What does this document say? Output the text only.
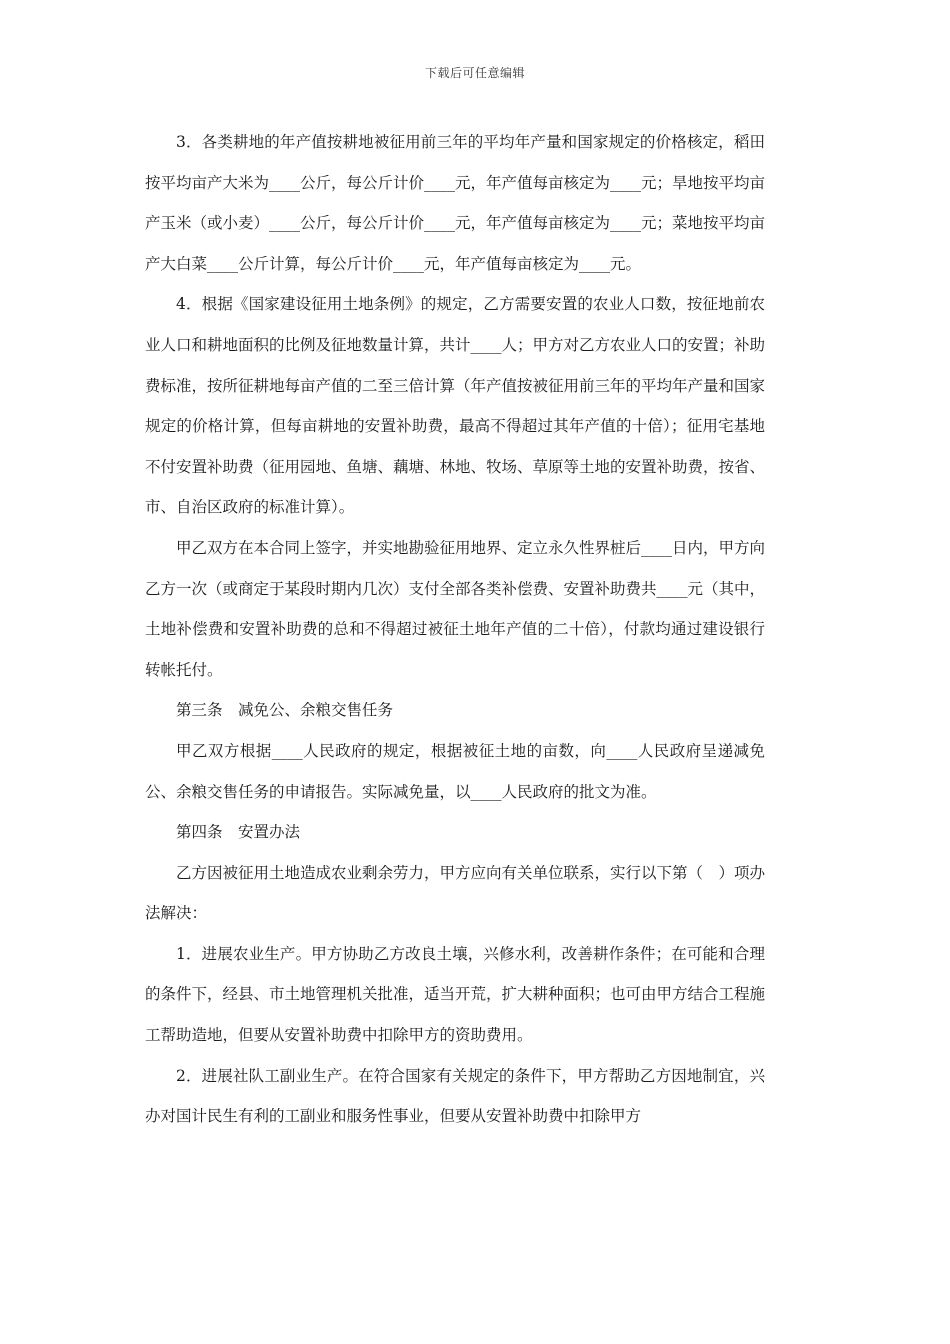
下载后可任意编辑

3．各类耕地的年产值按耕地被征用前三年的平均年产量和国家规定的价格核定，稻田按平均亩产大米为____公斤，每公斤计价____元，年产值每亩核定为____元；旱地按平均亩产玉米（或小麦）____公斤，每公斤计价____元，年产值每亩核定为____元；菜地按平均亩产大白菜____公斤计算，每公斤计价____元，年产值每亩核定为____元。

4．根据《国家建设征用土地条例》的规定，乙方需要安置的农业人口数，按征地前农业人口和耕地面积的比例及征地数量计算，共计____人；甲方对乙方农业人口的安置；补助费标准，按所征耕地每亩产值的二至三倍计算（年产值按被征用前三年的平均年产量和国家规定的价格计算，但每亩耕地的安置补助费，最高不得超过其年产值的十倍）；征用宅基地不付安置补助费（征用园地、鱼塘、藕塘、林地、牧场、草原等土地的安置补助费，按省、市、自治区政府的标准计算）。

甲乙双方在本合同上签字，并实地勘验征用地界、定立永久性界桩后____日内，甲方向乙方一次（或商定于某段时期内几次）支付全部各类补偿费、安置补助费共____元（其中，土地补偿费和安置补助费的总和不得超过被征土地年产值的二十倍），付款均通过建设银行转帐托付。

第三条　减免公、余粮交售任务

甲乙双方根据____人民政府的规定，根据被征土地的亩数，向____人民政府呈递减免公、余粮交售任务的申请报告。实际减免量，以____人民政府的批文为准。

第四条　安置办法

乙方因被征用土地造成农业剩余劳力，甲方应向有关单位联系，实行以下第（　）项办法解决：

1．进展农业生产。甲方协助乙方改良土壤，兴修水利，改善耕作条件；在可能和合理的条件下，经县、市土地管理机关批准，适当开荒，扩大耕种面积；也可由甲方结合工程施工帮助造地，但要从安置补助费中扣除甲方的资助费用。

2．进展社队工副业生产。在符合国家有关规定的条件下，甲方帮助乙方因地制宜，兴办对国计民生有利的工副业和服务性事业，但要从安置补助费中扣除甲方
